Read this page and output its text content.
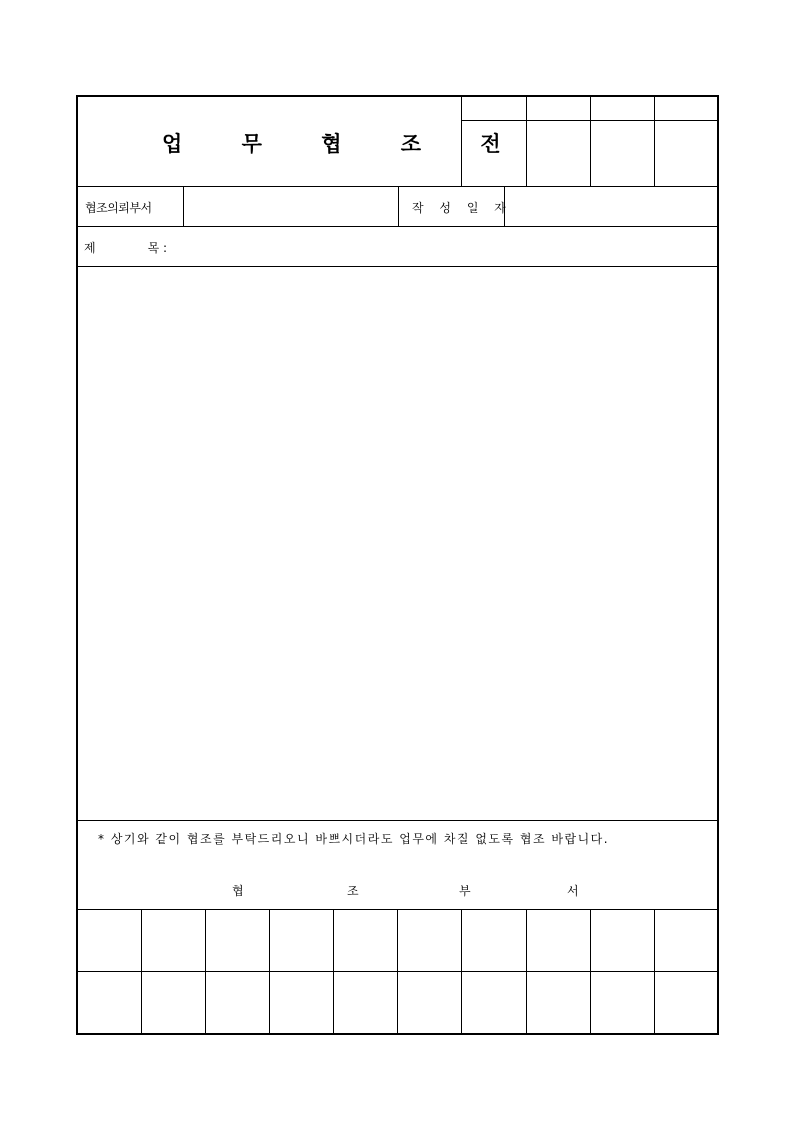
업 무 협 조 전
협조의뢰부서	작 성 일 자
제	목 :
* 상기와 같이 협조를 부탁드리오니 바쁘시더라도 업무에 차질 없도록 협조 바랍니다.
협	조	부	서
